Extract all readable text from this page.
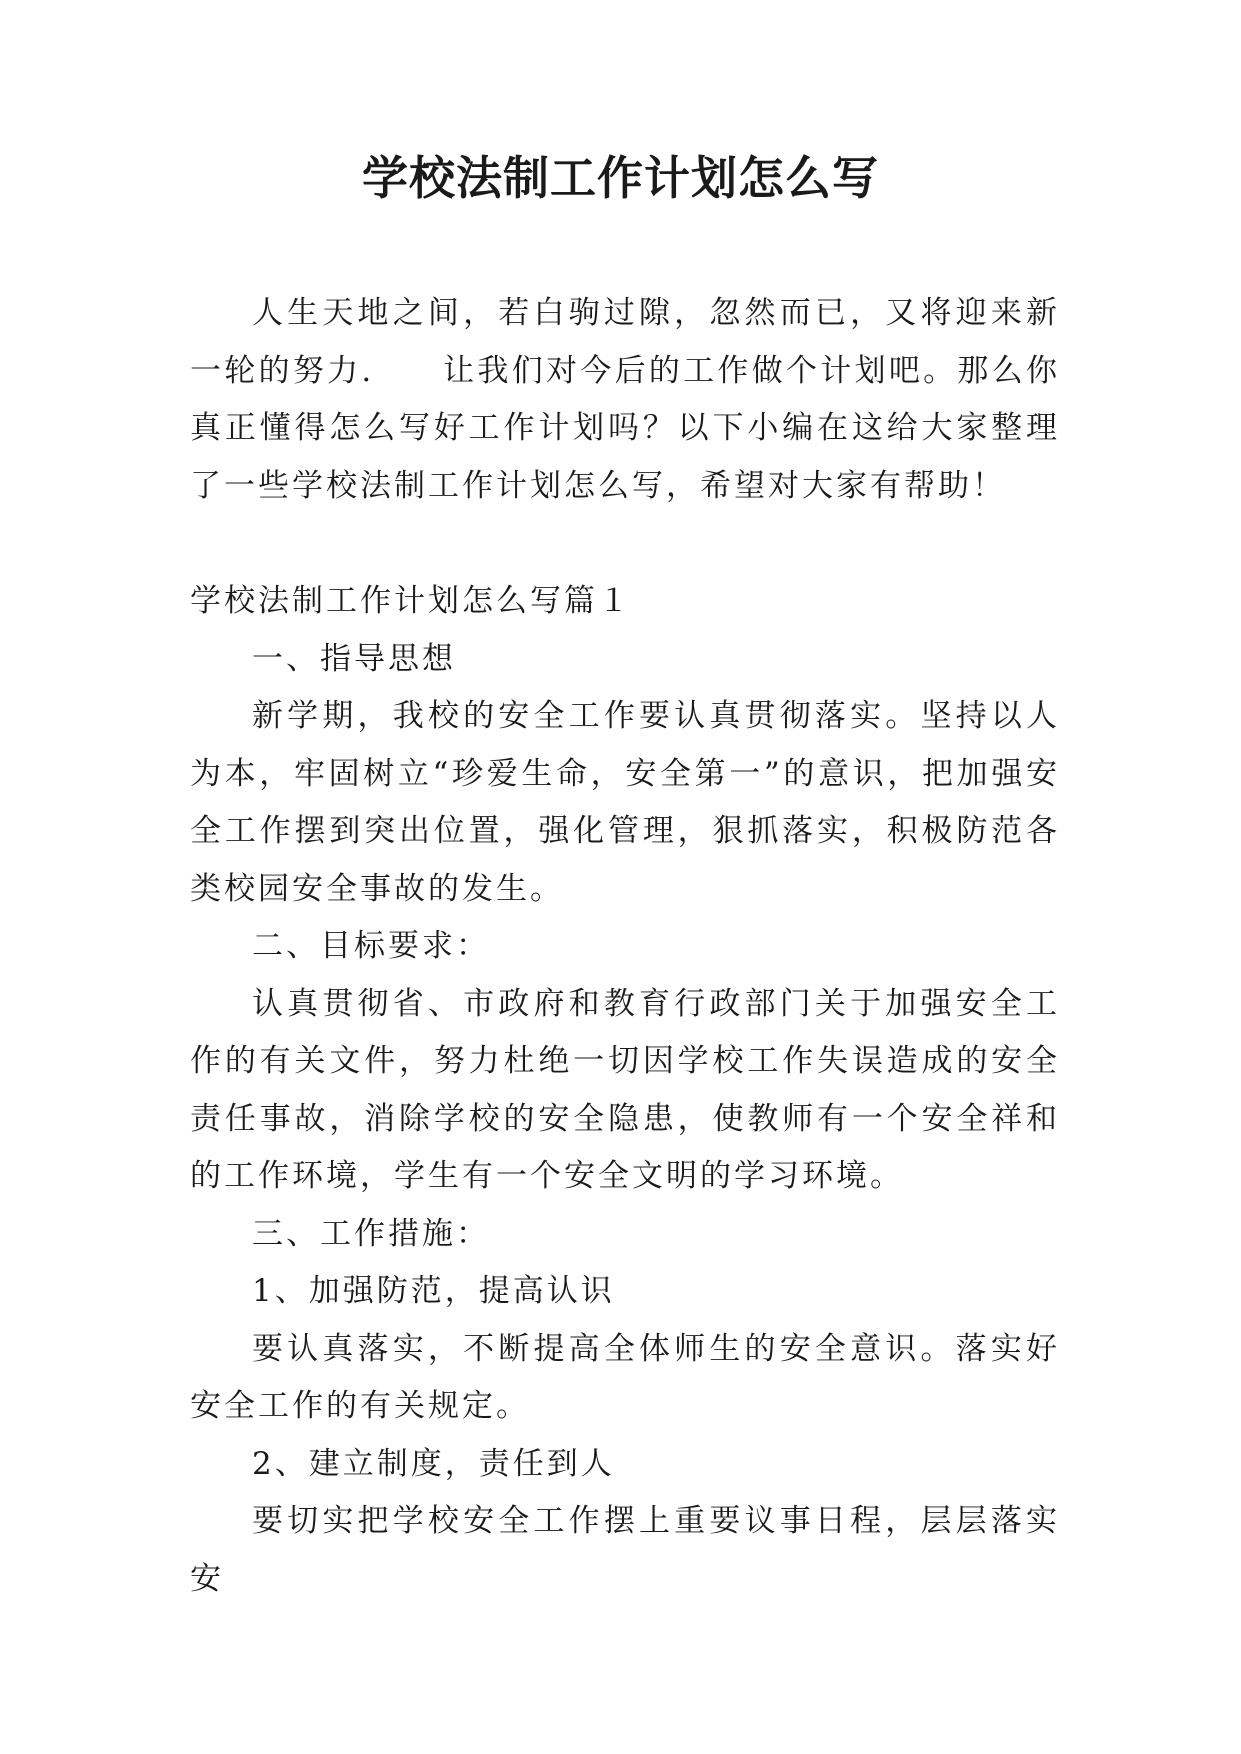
学校法制工作计划怎么写

人生天地之间，若白驹过隙，忽然而已，又将迎来新一轮的努力.　　让我们对今后的工作做个计划吧。那么你真正懂得怎么写好工作计划吗？以下小编在这给大家整理了一些学校法制工作计划怎么写，希望对大家有帮助！

学校法制工作计划怎么写篇１

一、指导思想

新学期，我校的安全工作要认真贯彻落实。坚持以人为本，牢固树立“珍爱生命，安全第一”的意识，把加强安全工作摆到突出位置，强化管理，狠抓落实，积极防范各类校园安全事故的发生。

二、目标要求：

认真贯彻省、市政府和教育行政部门关于加强安全工作的有关文件，努力杜绝一切因学校工作失误造成的安全责任事故，消除学校的安全隐患，使教师有一个安全祥和的工作环境，学生有一个安全文明的学习环境。

三、工作措施：

1、加强防范，提高认识

要认真落实，不断提高全体师生的安全意识。落实好安全工作的有关规定。

2、建立制度，责任到人

要切实把学校安全工作摆上重要议事日程，层层落实安
